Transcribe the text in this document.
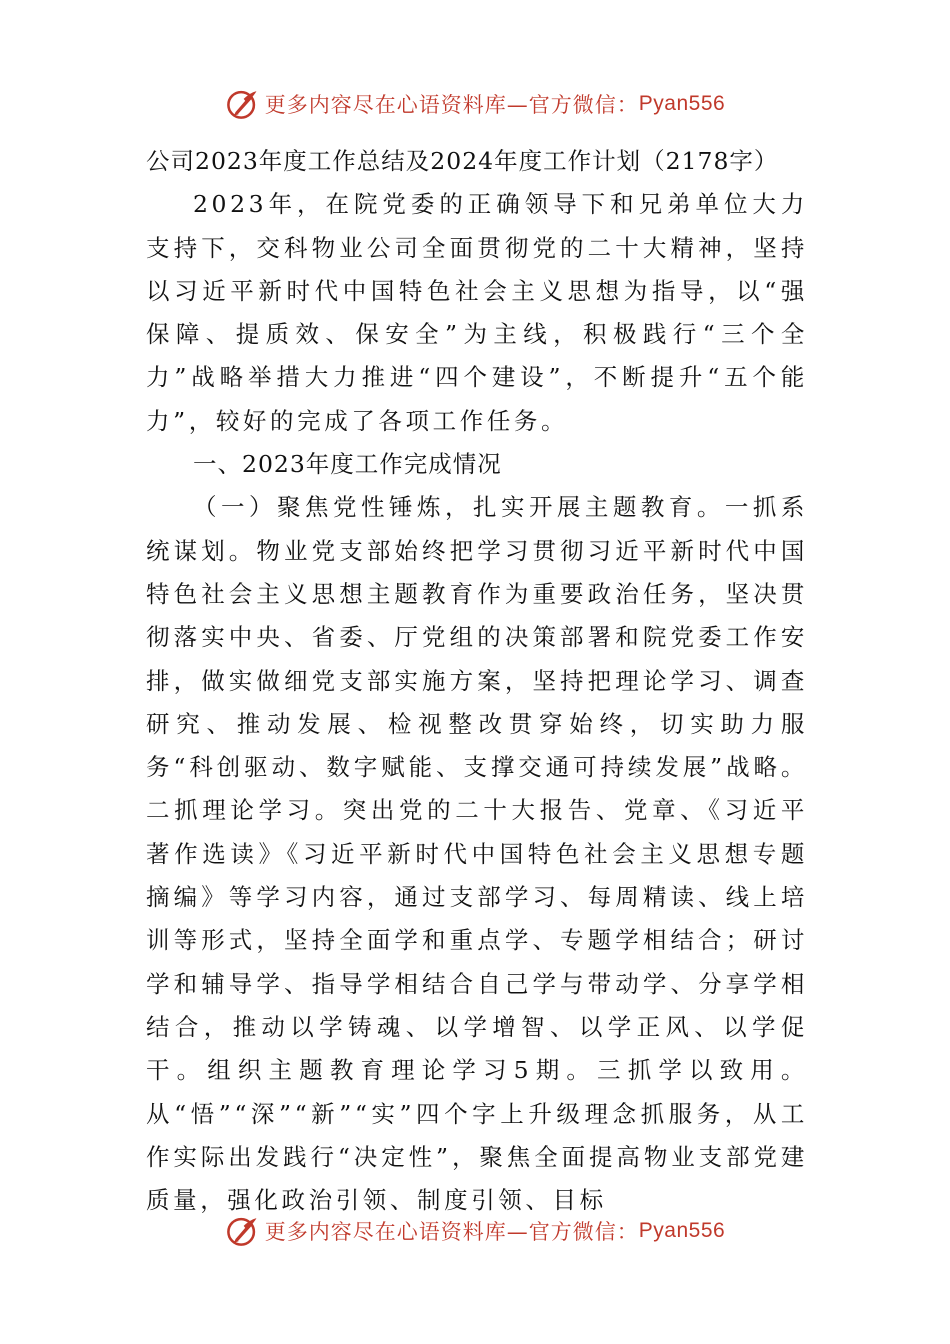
更多内容尽在心语资料库—官方微信： Pyan556
公司2023年度工作总结及2024年度工作计划（2178字）

2023年，在院党委的正确领导下和兄弟单位大力支持下，交科物业公司全面贯彻党的二十大精神，坚持以习近平新时代中国特色社会主义思想为指导，以“强保障、提质效、保安全”为主线，积极践行“三个全力”战略举措大力推进“四个建设”，不断提升“五个能力”，较好的完成了各项工作任务。

一、2023年度工作完成情况

（一）聚焦党性锤炼，扎实开展主题教育。一抓系统谋划。物业党支部始终把学习贯彻习近平新时代中国特色社会主义思想主题教育作为重要政治任务，坚决贯彻落实中央、省委、厅党组的决策部署和院党委工作安排，做实做细党支部实施方案，坚持把理论学习、调查研究、推动发展、检视整改贯穿始终，切实助力服务“科创驱动、数字赋能、支撑交通可持续发展”战略。二抓理论学习。突出党的二十大报告、党章、《习近平著作选读》《习近平新时代中国特色社会主义思想专题摘编》等学习内容，通过支部学习、每周精读、线上培训等形式，坚持全面学和重点学、专题学相结合；研讨学和辅导学、指导学相结合自己学与带动学、分享学相结合，推动以学铸魂、以学增智、以学正风、以学促干。组织主题教育理论学习5期。三抓学以致用。从“悟”“深”“新”“实”四个字上升级理念抓服务，从工作实际出发践行“决定性”，聚焦全面提高物业支部党建质量，强化政治引领、制度引领、目标

更多内容尽在心语资料库—官方微信： Pyan556
